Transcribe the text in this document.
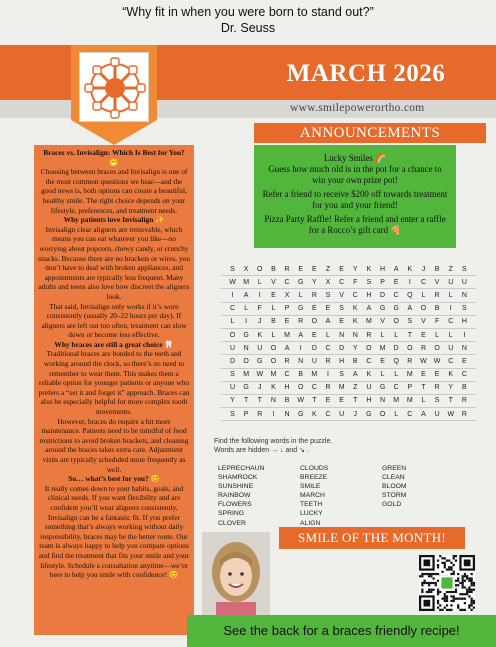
“Why fit in when you were born to stand out?”
Dr. Seuss
MARCH 2026
www.smilepowerortho.com
Braces vs. Invisalign: Which Is Best for You? 😬

Choosing between braces and Invisalign is one of the most common questions we hear—and the good news is, both options can create a beautiful, healthy smile. The right choice depends on your lifestyle, preferences, and treatment needs.

Why patients love Invisalign ✨

Invisalign clear aligners are removable, which means you can eat whatever you like—no worrying about popcorn, chewy candy, or crunchy snacks. Because there are no brackets or wires, you don’t have to deal with broken appliances, and appointments are typically less frequent. Many adults and teens also love how discreet the aligners look.

That said, Invisalign only works if it’s worn consistently (usually 20–22 hours per day). If aligners are left out too often, treatment can slow down or become less effective.

Why braces are still a great choice 🦷

Traditional braces are bonded to the teeth and working around the clock, so there’s no need to remember to wear them. This makes them a reliable option for younger patients or anyone who prefers a “set it and forget it” approach. Braces can also be especially helpful for more complex tooth movements.

However, braces do require a bit more maintenance. Patients need to be mindful of food restrictions to avoid broken brackets, and cleaning around the braces takes extra care. Adjustment visits are typically scheduled more frequently as well.

So… what’s best for you? 😊

It really comes down to your habits, goals, and clinical needs. If you want flexibility and are confident you’ll wear aligners consistently, Invisalign can be a fantastic fit. If you prefer something that’s always working without daily responsibility, braces may be the better route. Our team is always happy to help you compare options and find the treatment that fits your smile and your lifestyle. Schedule a consultation anytime—we’re here to help you smile with confidence! 😊

ANNOUNCEMENTS
Lucky Smiles 🌈
Guess how much old is in the pot for a chance to
win your own prize pot!
Refer a friend to receive $200 off towards treatment
for you and your friend!
Pizza Party Raffle! Refer a friend and enter a raffle
for a Rocco’s gift card 🍕
S	X	O	B	R	E	E	Z	E	Y	K	H	A	K	J	B	Z	S
W	M	L	V	C	G	Y	X	C	F	S	P	E	I	C	V	U	U
I	A	I	E	X	L	R	S	V	C	H	D	C	Q	L	R	L	N
C	L	F	L	P	G	E	E	S	K	A	G	G	A	O	B	I	S
L	I	J	B	E	R	O	A	E	K	M	V	O	S	V	F	C	H
O	G	K	L	M	A	E	L	N	N	R	L	L	T	E	L	L	I
U	N	U	O	A	I	D	C	D	Y	O	M	D	O	R	O	U	N
D	O	G	O	R	N	U	R	H	B	C	E	Q	R	W	W	C	E
S	M	W	M	C	B	M	I	S	A	K	L	L	M	E	E	K	C
U	G	J	K	H	O	C	R	M	Z	U	G	C	P	T	R	Y	B
Y	T	T	N	B	W	T	E	E	T	H	N	M	M	L	S	T	R
S	P	R	I	N	G	K	C	U	J	G	O	L	C	A	U	W	R
Find the following words in the puzzle.
Words are hidden → ↓ and ↘ .
LEPRECHAUN
SHAMROCK
SUNSHINE
RAINBOW
FLOWERS
SPRING
CLOVER
CLOUDS
BREEZE
SMILE
MARCH
TEETH
LUCKY
ALIGN
GREEN
CLEAN
BLOOM
STORM
GOLD
SMILE OF THE MONTH!
See the back for a braces friendly recipe!
